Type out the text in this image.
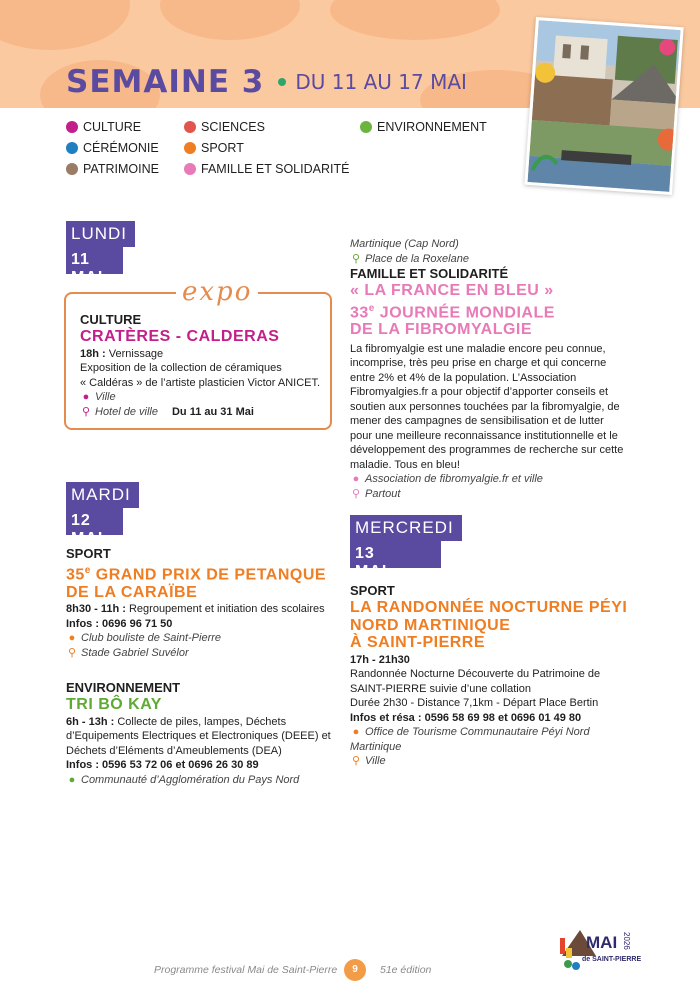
SEMAINE 3 DU 11 AU 17 MAI
CULTURE	SCIENCES	ENVIRONNEMENT
CÉRÉMONIE	SPORT
PATRIMOINE	FAMILLE ET SOLIDARITÉ
LUNDI
11 MAI	expo
CULTURE
CRATÈRES - CALDERAS
18h : Vernissage
Exposition de la collection de céramiques
« Caldéras » de l’artiste plasticien Victor ANICET.
● Ville
⚲ Hotel de ville Du 11 au 31 Mai
MARDI
12 MAI
SPORT
35e GRAND PRIX DE PETANQUE
DE LA CARAÏBE
8h30 - 11h : Regroupement et initiation des scolaires
Infos : 0696 96 71 50
● Club bouliste de Saint-Pierre
⚲ Stade Gabriel Suvélor
ENVIRONNEMENT
TRI BÔ KAY
6h - 13h : Collecte de piles, lampes, Déchets
d’Equipements Electriques et Electroniques (DEEE) et
Déchets d’Eléments d’Ameublements (DEA)
Infos : 0596 53 72 06 et 0696 26 30 89
● Communauté d’Agglomération du Pays Nord
Martinique (Cap Nord)
⚲ Place de la Roxelane
FAMILLE ET SOLIDARITÉ
« LA FRANCE EN BLEU »
33e JOURNÉE MONDIALE
DE LA FIBROMYALGIE
La fibromyalgie est une maladie encore peu connue,
incomprise, très peu prise en charge et qui concerne
entre 2% et 4% de la population. L’Association
Fibromyalgies.fr a pour objectif d’apporter conseils et
soutien aux personnes touchées par la fibromyalgie, de
mener des campagnes de sensibilisation et de lutter
pour une meilleure reconnaissance institutionnelle et le
développement des programmes de recherche sur cette
maladie. Tous en bleu!
● Association de fibromyalgie.fr et ville
⚲ Partout
MERCREDI
13 MAI
SPORT
LA RANDONNÉE NOCTURNE PÉYI
NORD MARTINIQUE
À SAINT-PIERRE
17h - 21h30
Randonnée Nocturne Découverte du Patrimoine de
SAINT-PIERRE suivie d’une collation
Durée 2h30 - Distance 7,1km - Départ Place Bertin
Infos et résa : 0596 58 69 98 et 0696 01 49 80
● Office de Tourisme Communautaire Péyi Nord
Martinique
⚲ Ville
Programme festival Mai de Saint-Pierre	9	51e édition
MAI 2026
de SAINT-PIERRE
